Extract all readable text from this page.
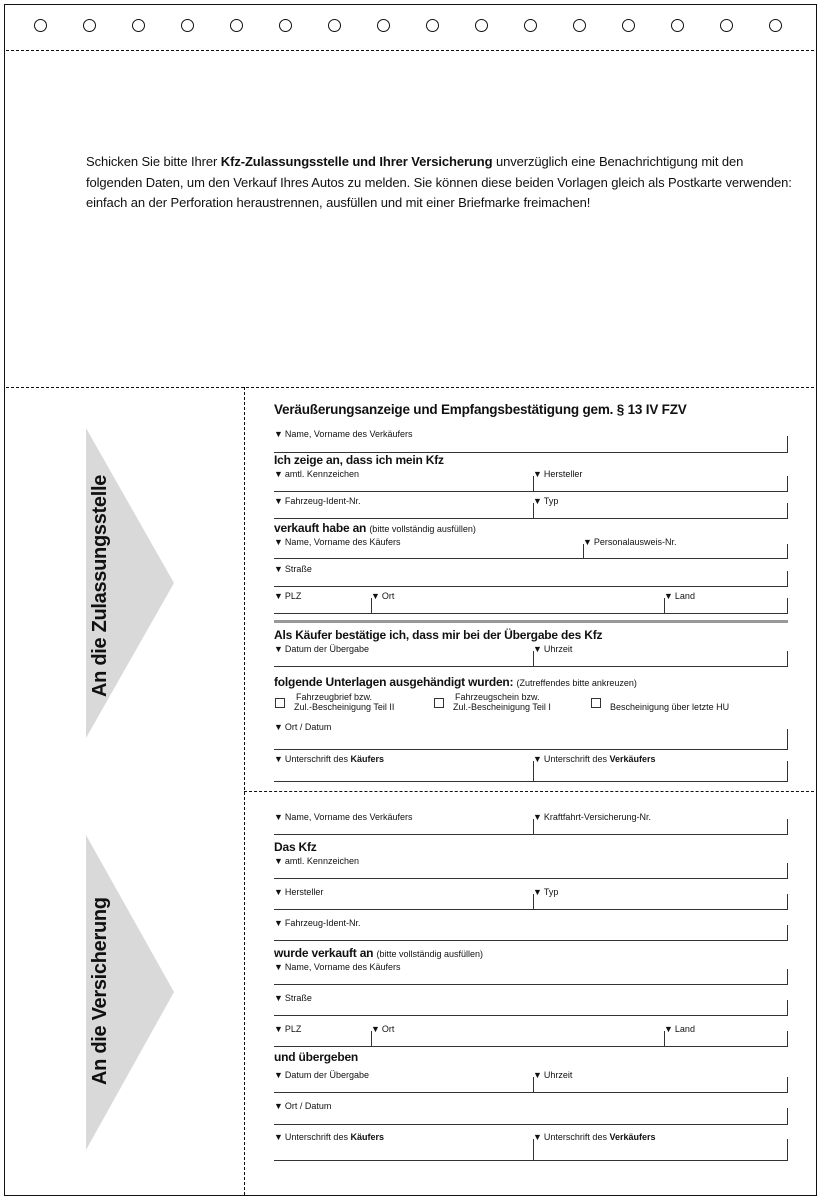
Schicken Sie bitte Ihrer Kfz-Zulassungsstelle und Ihrer Versicherung unverzüglich eine Benachrichtigung mit den folgenden Daten, um den Verkauf Ihres Autos zu melden. Sie können diese beiden Vorlagen gleich als Postkarte verwenden: einfach an der Perforation heraustrennen, ausfüllen und mit einer Briefmarke freimachen!
An die Zulassungsstelle
An die Versicherung
Veräußerungsanzeige und Empfangsbestätigung gem. § 13 IV FZV
▼ Name, Vorname des Verkäufers
Ich zeige an, dass ich mein Kfz
▼ amtl. Kennzeichen	▼ Hersteller
▼ Fahrzeug-Ident-Nr.	▼ Typ
verkauft habe an (bitte vollständig ausfüllen)
▼ Name, Vorname des Käufers	▼ Personalausweis-Nr.
▼ Straße
▼ PLZ	▼ Ort	▼ Land
Als Käufer bestätige ich, dass mir bei der Übergabe des Kfz
▼ Datum der Übergabe	▼ Uhrzeit
folgende Unterlagen ausgehändigt wurden: (Zutreffendes bitte ankreuzen)
Fahrzeugbrief bzw.
Zul.-Bescheinigung Teil II
Fahrzeugschein bzw.
Zul.-Bescheinigung Teil I	Bescheinigung über letzte HU
▼ Ort / Datum
▼ Unterschrift des Käufers	▼ Unterschrift des Verkäufers
▼ Name, Vorname des Verkäufers	▼ Kraftfahrt-Versicherung-Nr.
Das Kfz
▼ amtl. Kennzeichen
▼ Hersteller	▼ Typ
▼ Fahrzeug-Ident-Nr.
wurde verkauft an (bitte vollständig ausfüllen)
▼ Name, Vorname des Käufers
▼ Straße
▼ PLZ	▼ Ort	▼ Land
und übergeben
▼ Datum der Übergabe	▼ Uhrzeit
▼ Ort / Datum
▼ Unterschrift des Käufers	▼ Unterschrift des Verkäufers
